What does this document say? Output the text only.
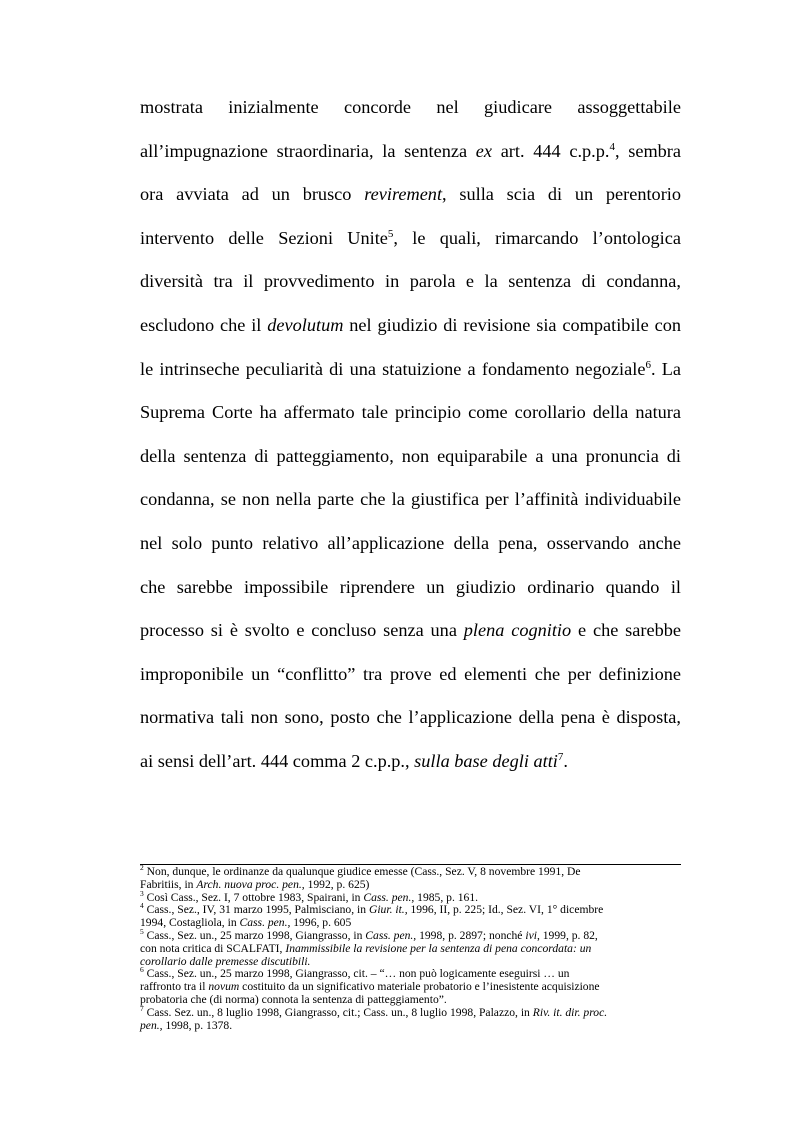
mostrata inizialmente concorde nel giudicare assoggettabile
all’impugnazione straordinaria, la sentenza ex art. 444 c.p.p.$^4$, sembra
ora avviata ad un brusco revirement, sulla scia di un perentorio
intervento delle Sezioni Unite$^5$, le quali, rimarcando l’ontologica
diversità tra il provvedimento in parola e la sentenza di condanna,
escludono che il devolutum nel giudizio di revisione sia compatibile con
le intrinseche peculiarità di una statuizione a fondamento negoziale$^6$. La
Suprema Corte ha affermato tale principio come corollario della natura
della sentenza di patteggiamento, non equiparabile a una pronuncia di
condanna, se non nella parte che la giustifica per l’affinità individuabile
nel solo punto relativo all’applicazione della pena, osservando anche
che sarebbe impossibile riprendere un giudizio ordinario quando il
processo si è svolto e concluso senza una plena cognitio e che sarebbe
improponibile un “conflitto” tra prove ed elementi che per definizione
normativa tali non sono, posto che l’applicazione della pena è disposta,
ai sensi dell’art. 444 comma 2 c.p.p., sulla base degli atti$^7$.
$^2$ Non, dunque, le ordinanze da qualunque giudice emesse (Cass., Sez. V, 8 novembre 1991, De
Fabritiis, in Arch. nuova proc. pen., 1992, p. 625)
$^3$ Così Cass., Sez. I, 7 ottobre 1983, Spairani, in Cass. pen., 1985, p. 161.
$^4$ Cass., Sez., IV, 31 marzo 1995, Palmisciano, in Giur. it., 1996, II, p. 225; Id., Sez. VI, 1° dicembre
1994, Costagliola, in Cass. pen., 1996, p. 605
$^5$ Cass., Sez. un., 25 marzo 1998, Giangrasso, in Cass. pen., 1998, p. 2897; nonché ivi, 1999, p. 82,
con nota critica di SCALFATI, Inammissibile la revisione per la sentenza di pena concordata: un
corollario dalle premesse discutibili.
$^6$ Cass., Sez. un., 25 marzo 1998, Giangrasso, cit. – “… non può logicamente eseguirsi … un
raffronto tra il novum costituito da un significativo materiale probatorio e l’inesistente acquisizione
probatoria che (di norma) connota la sentenza di patteggiamento”.
$^7$ Cass. Sez. un., 8 luglio 1998, Giangrasso, cit.; Cass. un., 8 luglio 1998, Palazzo, in Riv. it. dir. proc.
pen., 1998, p. 1378.
